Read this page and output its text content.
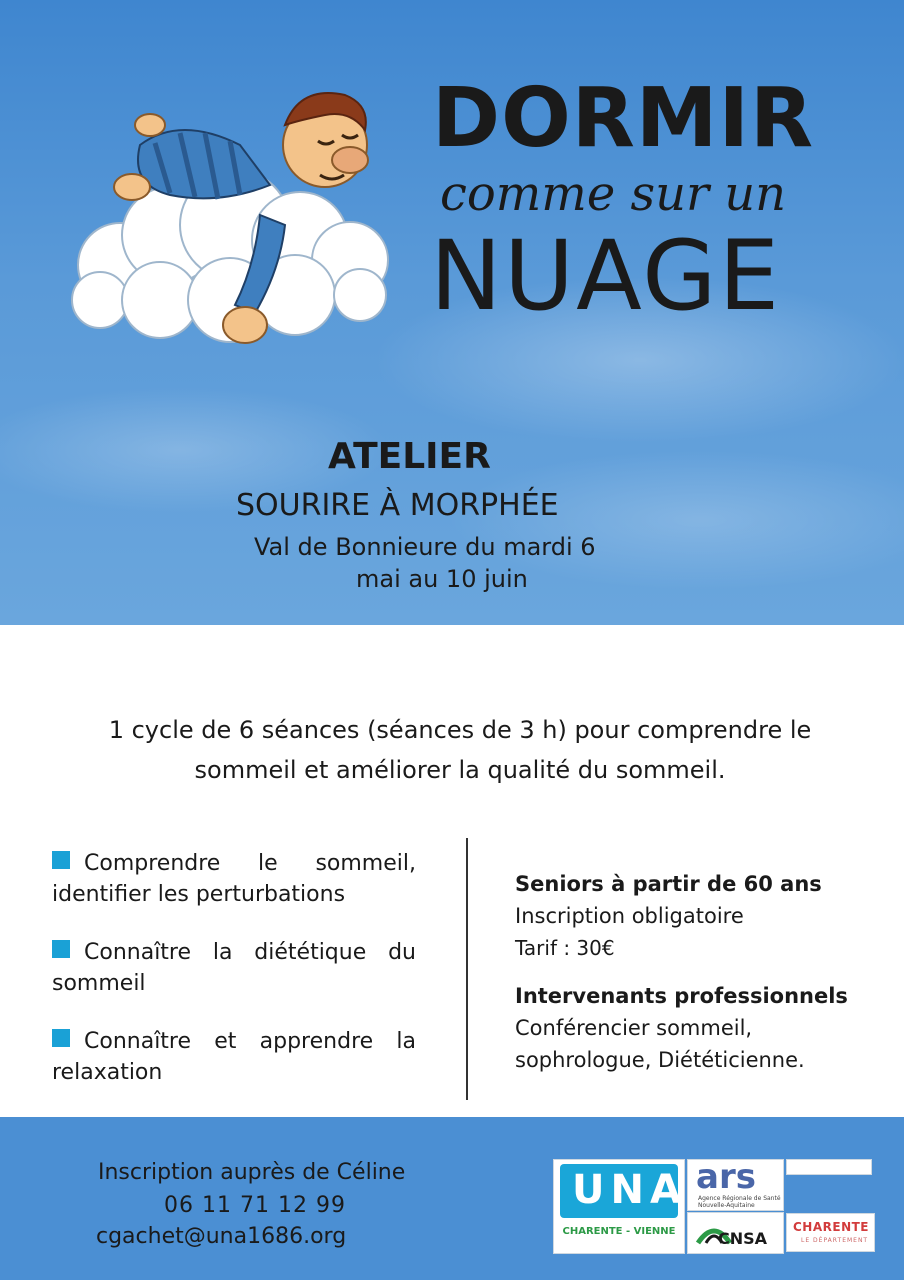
DORMIR
comme sur un
NUAGE
ATELIER
SOURIRE À MORPHÉE
Val de Bonnieure du mardi 6
mai au 10 juin
1 cycle de 6 séances (séances de 3 h) pour comprendre le
sommeil et améliorer la qualité du sommeil.
Comprendre le sommeil, identifier les perturbations
Connaître la diététique du sommeil
Connaître et apprendre la relaxation
Seniors à partir de 60 ans
Inscription obligatoire
Tarif : 30€
Intervenants professionnels
Conférencier sommeil,
sophrologue, Diététicienne.
Inscription auprès de Céline
06 11 71 12 99
cgachet@una1686.org
UNA
CHARENTE - VIENNE
ars
Agence Régionale de Santé Nouvelle-Aquitaine
CNSA
CHARENTE
LE DÉPARTEMENT
